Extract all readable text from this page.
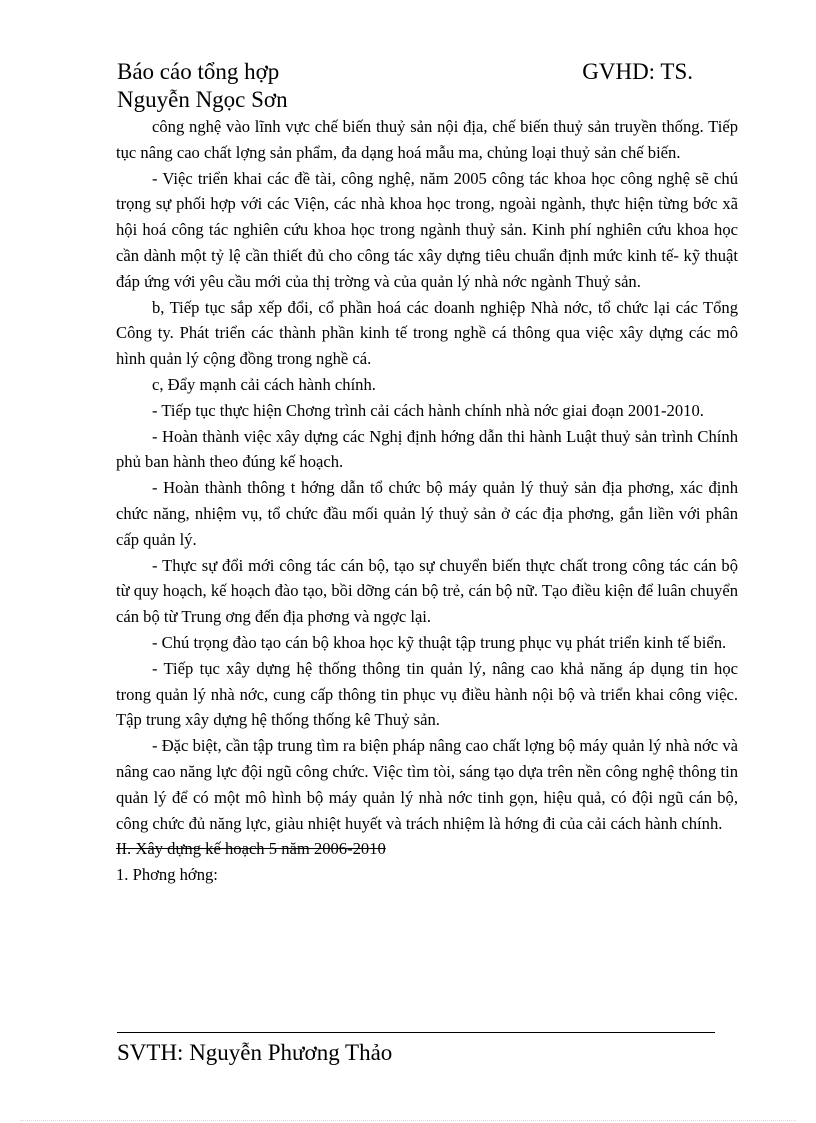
Báo cáo tổng hợp	GVHD: TS.
Nguyễn Ngọc Sơn

công nghệ vào lĩnh vực chế biến thuỷ sản nội địa, chế biến thuỷ sản truyền thống. Tiếp tục nâng cao chất lợng sản phẩm, đa dạng hoá mẫu ma, chủng loại thuỷ sản chế biến.

- Việc triển khai các đề tài, công nghệ, năm 2005 công tác khoa học công nghệ sẽ chú trọng sự phối hợp với các Viện, các nhà khoa học trong, ngoài ngành, thực hiện từng bớc xã hội hoá công tác nghiên cứu khoa học trong ngành thuỷ sản. Kinh phí nghiên cứu khoa học cần dành một tỷ lệ cần thiết đủ cho công tác xây dựng tiêu chuẩn định mức kinh tế- kỹ thuật đáp ứng với yêu cầu mới của thị trờng và của quản lý nhà nớc ngành Thuỷ sản.

b, Tiếp tục sắp xếp đổi, cổ phần hoá các doanh nghiệp Nhà nớc, tổ chức lại các Tổng Công ty. Phát triển các thành phần kinh tế trong nghề cá thông qua việc xây dựng các mô hình quản lý cộng đồng trong nghề cá.

c, Đẩy mạnh cải cách hành chính.

- Tiếp tục thực hiện Chơng trình cải cách hành chính nhà nớc giai đoạn 2001-2010.

- Hoàn thành việc xây dựng các Nghị định hớng dẫn thi hành Luật thuỷ sản trình Chính phủ ban hành theo đúng kế hoạch.

- Hoàn thành thông t hớng dẫn tổ chức bộ máy quản lý thuỷ sản địa phơng, xác định chức năng, nhiệm vụ, tổ chức đầu mối quản lý thuỷ sản ở các địa phơng, gắn liền với phân cấp quản lý.

- Thực sự đổi mới công tác cán bộ, tạo sự chuyển biến thực chất trong công tác cán bộ từ quy hoạch, kế hoạch đào tạo, bồi dỡng cán bộ trẻ, cán bộ nữ. Tạo điều kiện để luân chuyển cán bộ từ Trung ơng đến địa phơng và ngợc lại.

- Chú trọng đào tạo cán bộ khoa học kỹ thuật tập trung phục vụ phát triển kinh tế biển.

- Tiếp tục xây dựng hệ thống thông tin quản lý, nâng cao khả năng áp dụng tin học trong quản lý nhà nớc, cung cấp thông tin phục vụ điều hành nội bộ và triển khai công việc. Tập trung xây dựng hệ thống thống kê Thuỷ sản.

- Đặc biệt, cần tập trung tìm ra biện pháp nâng cao chất lợng bộ máy quản lý nhà nớc và nâng cao năng lực đội ngũ công chức. Việc tìm tòi, sáng tạo dựa trên nền công nghệ thông tin quản lý để có một mô hình bộ máy quản lý nhà nớc tinh gọn, hiệu quả, có đội ngũ cán bộ, công chức đủ năng lực, giàu nhiệt huyết và trách nhiệm là hớng đi của cải cách hành chính.

II. Xây dựng kế hoạch 5 năm 2006-2010

1. Phơng hớng:

SVTH: Nguyễn Phương Thảo
